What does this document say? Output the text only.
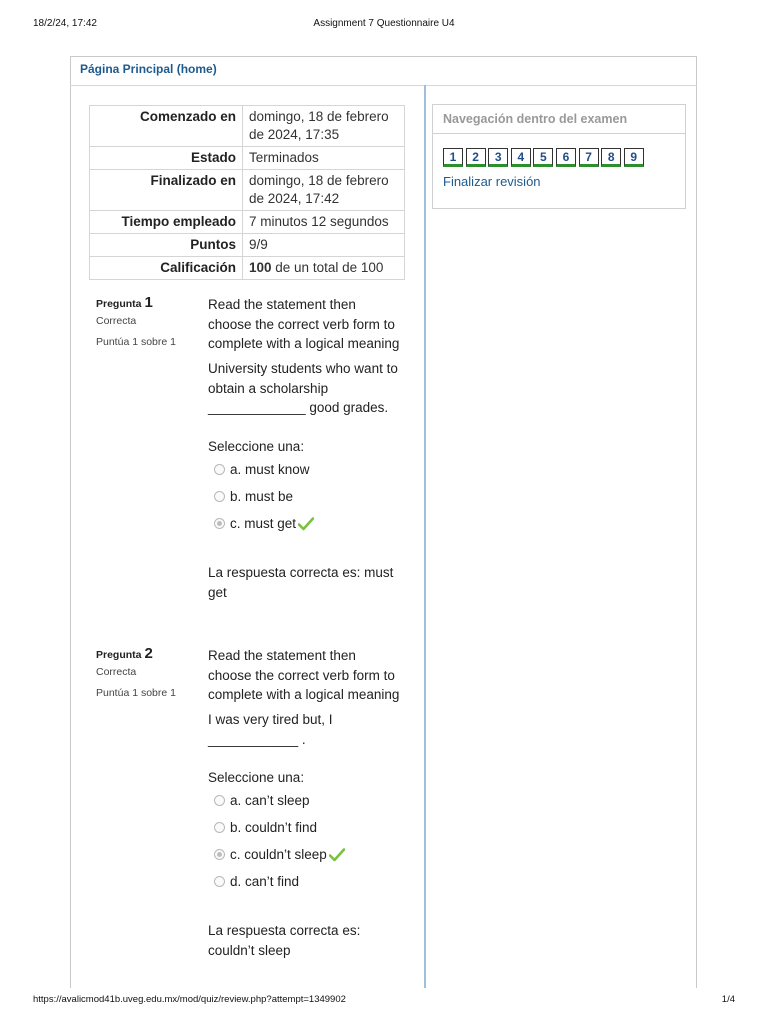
18/2/24, 17:42	Assignment 7 Questionnaire U4
Página Principal (home)
Comenzado en	domingo, 18 de febrero de 2024, 17:35
Estado	Terminados
Finalizado en	domingo, 18 de febrero de 2024, 17:42
Tiempo empleado	7 minutos 12 segundos
Puntos	9/9
Calificación	100 de un total de 100
Navegación dentro del examen
1 2 3 4 5 6 7 8 9
Finalizar revisión
Pregunta 1
Correcta
Puntúa 1 sobre 1
Read the statement then choose the correct verb form to complete with a logical meaning
University students who want to obtain a scholarship _____________ good grades.
Seleccione una:
a. must know
b. must be
c. must get
La respuesta correcta es: must get
Pregunta 2
Correcta
Puntúa 1 sobre 1
Read the statement then choose the correct verb form to complete with a logical meaning
I was very tired but, I ____________ .
Seleccione una:
a. can’t sleep
b. couldn’t find
c. couldn’t sleep
d. can’t find
La respuesta correcta es: couldn’t sleep
https://avalicmod41b.uveg.edu.mx/mod/quiz/review.php?attempt=1349902	1/4
